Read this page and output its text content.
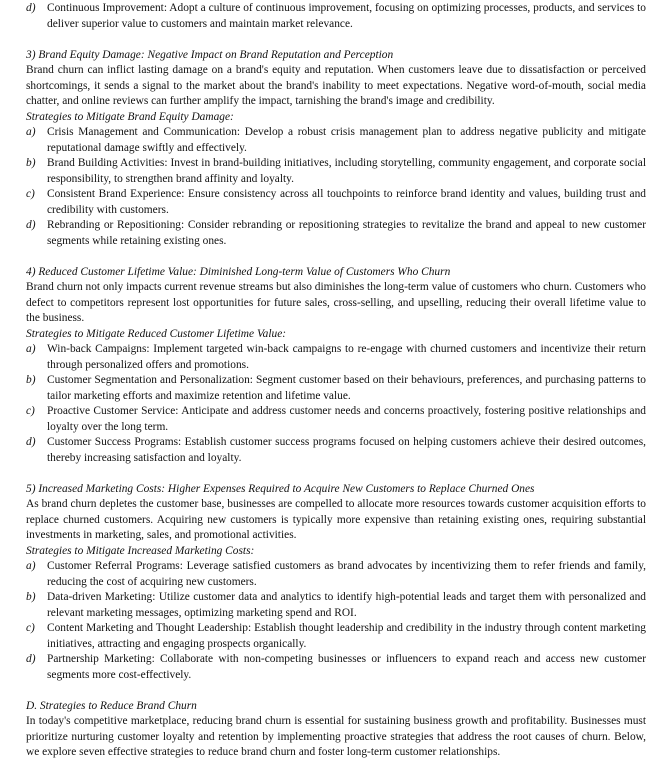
d)	Continuous Improvement: Adopt a culture of continuous improvement, focusing on optimizing processes, products, and services to deliver superior value to customers and maintain market relevance.
3) Brand Equity Damage: Negative Impact on Brand Reputation and Perception

Brand churn can inflict lasting damage on a brand's equity and reputation. When customers leave due to dissatisfaction or perceived shortcomings, it sends a signal to the market about the brand's inability to meet expectations. Negative word-of-mouth, social media chatter, and online reviews can further amplify the impact, tarnishing the brand's image and credibility.

Strategies to Mitigate Brand Equity Damage:
a)	Crisis Management and Communication: Develop a robust crisis management plan to address negative publicity and mitigate reputational damage swiftly and effectively.
b)	Brand Building Activities: Invest in brand-building initiatives, including storytelling, community engagement, and corporate social responsibility, to strengthen brand affinity and loyalty.
c)	Consistent Brand Experience: Ensure consistency across all touchpoints to reinforce brand identity and values, building trust and credibility with customers.
d)	Rebranding or Repositioning: Consider rebranding or repositioning strategies to revitalize the brand and appeal to new customer segments while retaining existing ones.
4) Reduced Customer Lifetime Value: Diminished Long-term Value of Customers Who Churn

Brand churn not only impacts current revenue streams but also diminishes the long-term value of customers who churn. Customers who defect to competitors represent lost opportunities for future sales, cross-selling, and upselling, reducing their overall lifetime value to the business.

Strategies to Mitigate Reduced Customer Lifetime Value:
a)	Win-back Campaigns: Implement targeted win-back campaigns to re-engage with churned customers and incentivize their return through personalized offers and promotions.
b)	Customer Segmentation and Personalization: Segment customer based on their behaviours, preferences, and purchasing patterns to tailor marketing efforts and maximize retention and lifetime value.
c)	Proactive Customer Service: Anticipate and address customer needs and concerns proactively, fostering positive relationships and loyalty over the long term.
d)	Customer Success Programs: Establish customer success programs focused on helping customers achieve their desired outcomes, thereby increasing satisfaction and loyalty.
5) Increased Marketing Costs: Higher Expenses Required to Acquire New Customers to Replace Churned Ones

As brand churn depletes the customer base, businesses are compelled to allocate more resources towards customer acquisition efforts to replace churned customers. Acquiring new customers is typically more expensive than retaining existing ones, requiring substantial investments in marketing, sales, and promotional activities.

Strategies to Mitigate Increased Marketing Costs:
a)	Customer Referral Programs: Leverage satisfied customers as brand advocates by incentivizing them to refer friends and family, reducing the cost of acquiring new customers.
b)	Data-driven Marketing: Utilize customer data and analytics to identify high-potential leads and target them with personalized and relevant marketing messages, optimizing marketing spend and ROI.
c)	Content Marketing and Thought Leadership: Establish thought leadership and credibility in the industry through content marketing initiatives, attracting and engaging prospects organically.
d)	Partnership Marketing: Collaborate with non-competing businesses or influencers to expand reach and access new customer segments more cost-effectively.
D. Strategies to Reduce Brand Churn

In today's competitive marketplace, reducing brand churn is essential for sustaining business growth and profitability. Businesses must prioritize nurturing customer loyalty and retention by implementing proactive strategies that address the root causes of churn. Below, we explore seven effective strategies to reduce brand churn and foster long-term customer relationships.
